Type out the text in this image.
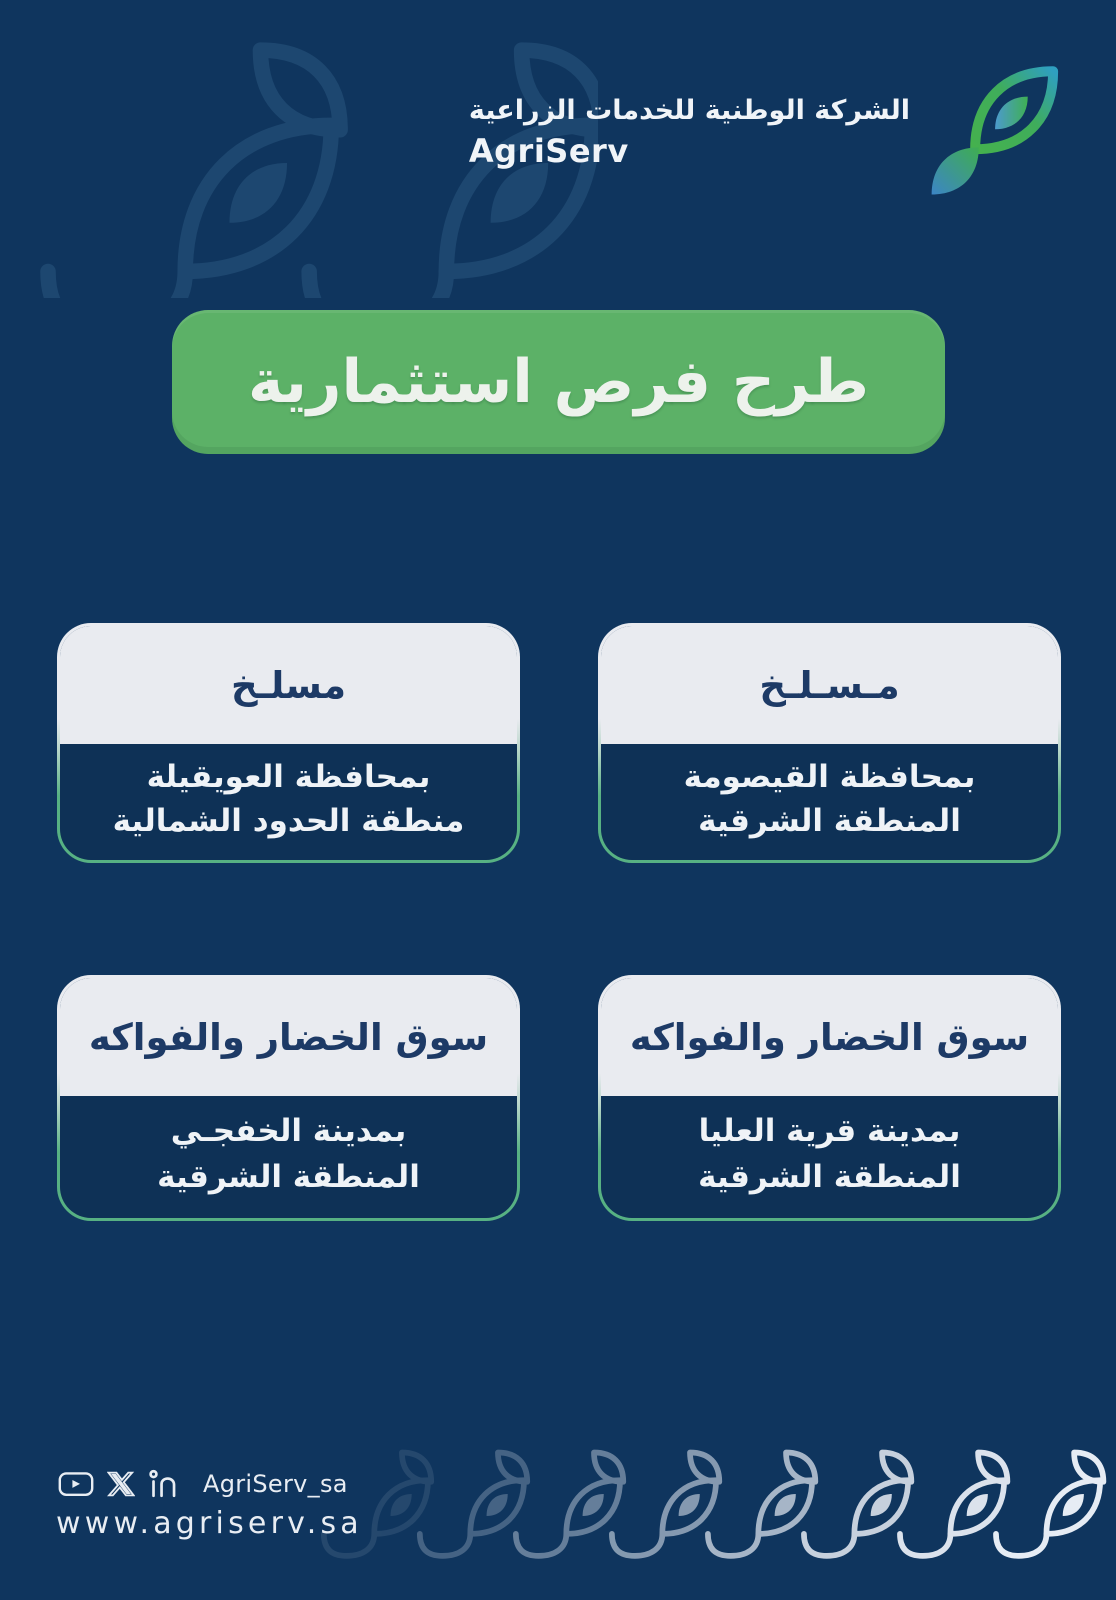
الشركة الوطنية للخدمات الزراعية
AgriServ
طرح فرص استثمارية
مسلـخ
بمحافظة العويقيلة
منطقة الحدود الشمالية
مـسـلـخ
بمحافظة القيصومة
المنطقة الشرقية
سوق الخضار والفواكه
بمدينة الخفجـي
المنطقة الشرقية
سوق الخضار والفواكه
بمدينة قرية العليا
المنطقة الشرقية
AgriServ_sa
www.agriserv.sa
